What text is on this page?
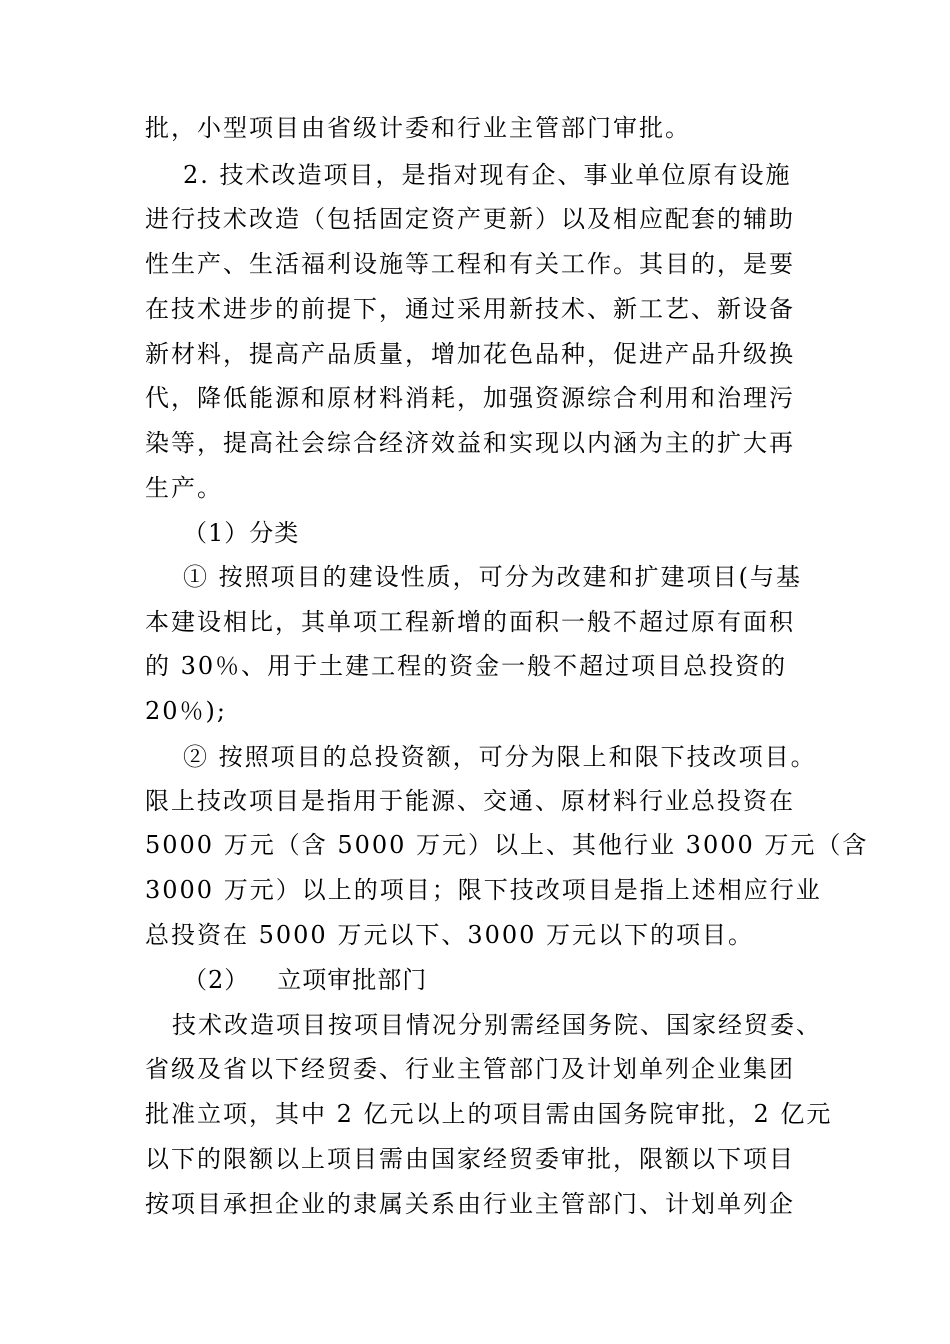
批，小型项目由省级计委和行业主管部门审批。
2. 技术改造项目，是指对现有企、事业单位原有设施
进行技术改造（包括固定资产更新）以及相应配套的辅助
性生产、生活福利设施等工程和有关工作。其目的，是要
在技术进步的前提下，通过采用新技术、新工艺、新设备
新材料，提高产品质量，增加花色品种，促进产品升级换
代，降低能源和原材料消耗，加强资源综合利用和治理污
染等，提高社会综合经济效益和实现以内涵为主的扩大再
生产。
（1）分类
① 按照项目的建设性质，可分为改建和扩建项目(与基
本建设相比，其单项工程新增的面积一般不超过原有面积
的 30％、用于土建工程的资金一般不超过项目总投资的
20％);
② 按照项目的总投资额，可分为限上和限下技改项目。
限上技改项目是指用于能源、交通、原材料行业总投资在
5000 万元（含 5000 万元）以上、其他行业 3000 万元（含
3000 万元）以上的项目；限下技改项目是指上述相应行业
总投资在 5000 万元以下、3000 万元以下的项目。
（2） 立项审批部门
技术改造项目按项目情况分别需经国务院、国家经贸委、
省级及省以下经贸委、行业主管部门及计划单列企业集团
批准立项，其中 2 亿元以上的项目需由国务院审批，2 亿元
以下的限额以上项目需由国家经贸委审批，限额以下项目
按项目承担企业的隶属关系由行业主管部门、计划单列企
